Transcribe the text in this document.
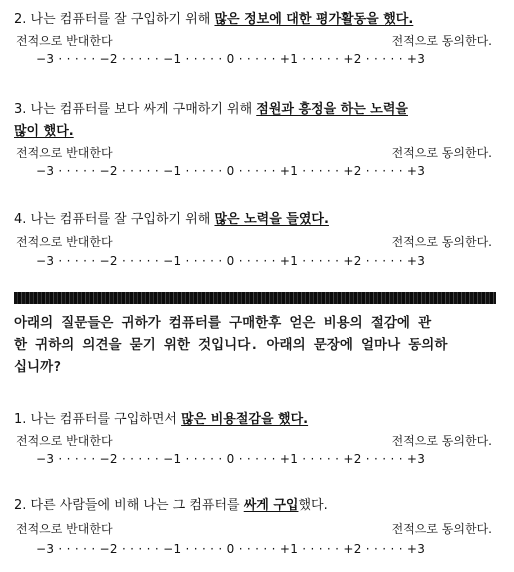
2. 나는 컴퓨터를 잘 구입하기 위해 많은 정보에 대한 평가활동을 했다.
전적으로 반대한다	전적으로 동의한다.
−3 · · · · · −2 · · · · · −1 · · · · · 0 · · · · · +1 · · · · · +2 · · · · · +3
3. 나는 컴퓨터를 보다 싸게 구매하기 위해 점원과 흥정을 하는 노력을
많이 했다.
전적으로 반대한다	전적으로 동의한다.
−3 · · · · · −2 · · · · · −1 · · · · · 0 · · · · · +1 · · · · · +2 · · · · · +3
4. 나는 컴퓨터를 잘 구입하기 위해 많은 노력을 들였다.
전적으로 반대한다	전적으로 동의한다.
−3 · · · · · −2 · · · · · −1 · · · · · 0 · · · · · +1 · · · · · +2 · · · · · +3
아래의 질문들은 귀하가 컴퓨터를 구매한후 얻은 비용의 절감에 관
한 귀하의 의견을 묻기 위한 것입니다. 아래의 문장에 얼마나 동의하
십니까?
1. 나는 컴퓨터를 구입하면서 많은 비용절감을 했다.
전적으로 반대한다	전적으로 동의한다.
−3 · · · · · −2 · · · · · −1 · · · · · 0 · · · · · +1 · · · · · +2 · · · · · +3
2. 다른 사람들에 비해 나는 그 컴퓨터를 싸게 구입했다.
전적으로 반대한다	전적으로 동의한다.
−3 · · · · · −2 · · · · · −1 · · · · · 0 · · · · · +1 · · · · · +2 · · · · · +3
